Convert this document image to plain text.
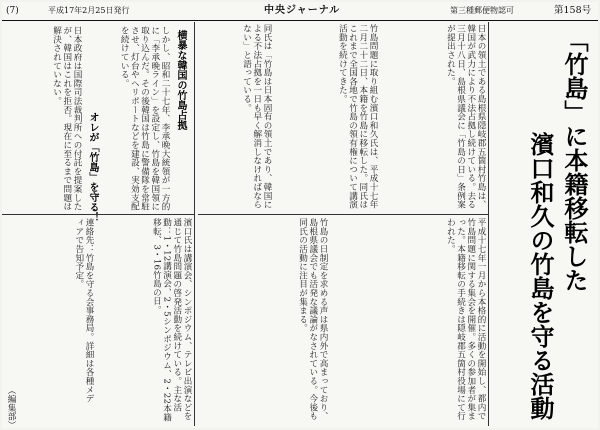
(7)	平成17年2月25日発行	中央ジャーナル	第三種郵便物認可	第158号
「竹島」に本籍移転した
濱口和久の竹島を守る活動
日本の領土である島根県隠岐郡五箇村竹島は、韓国が武力により不法占拠し続けている。去る三月十八日、島根県議会に「竹島の日」条例案が提出された。
竹島問題に取り組む濱口和久氏は、平成十七年二月二十二日、本籍を竹島に移転した。同氏はこれまで全国各地で竹島の領有権について講演活動を続けてきた。
同氏は「竹島は日本固有の領土であり、韓国による不法占拠を一日も早く解消しなければならない」と語っている。
平成十七年一月から本格的に活動を開始し、都内で竹島問題に関する集会を開催。多くの参加者が集まった。本籍移転の手続きは隠岐郡五箇村役場にて行われた。
竹島の日制定を求める声は県内外で高まっており、島根県議会でも活発な議論がなされている。今後も同氏の活動に注目が集まる。
横暴な韓国の竹島占拠
しかし、昭和二十七年、李承晩大統領が一方的に「李承晩ライン」を設定し、竹島を韓国領に取り込んだ。その後韓国は竹島に警備隊を常駐させ、灯台やヘリポートなどを建設、実効支配を続けている。
オレが「竹島」を守る！
日本政府は国際司法裁判所への付託を提案したが、韓国はこれを拒否。現在に至るまで問題は解決されていない。
濱口氏は講演会、シンポジウム、テレビ出演などを通じて竹島問題の啓発活動を続けている。主な活動：1・12講演会、2・5シンポジウム、2・22本籍移転、3・16竹島の日。
連絡先：竹島を守る会事務局。詳細は各種メディアで告知予定。
（編集部）
